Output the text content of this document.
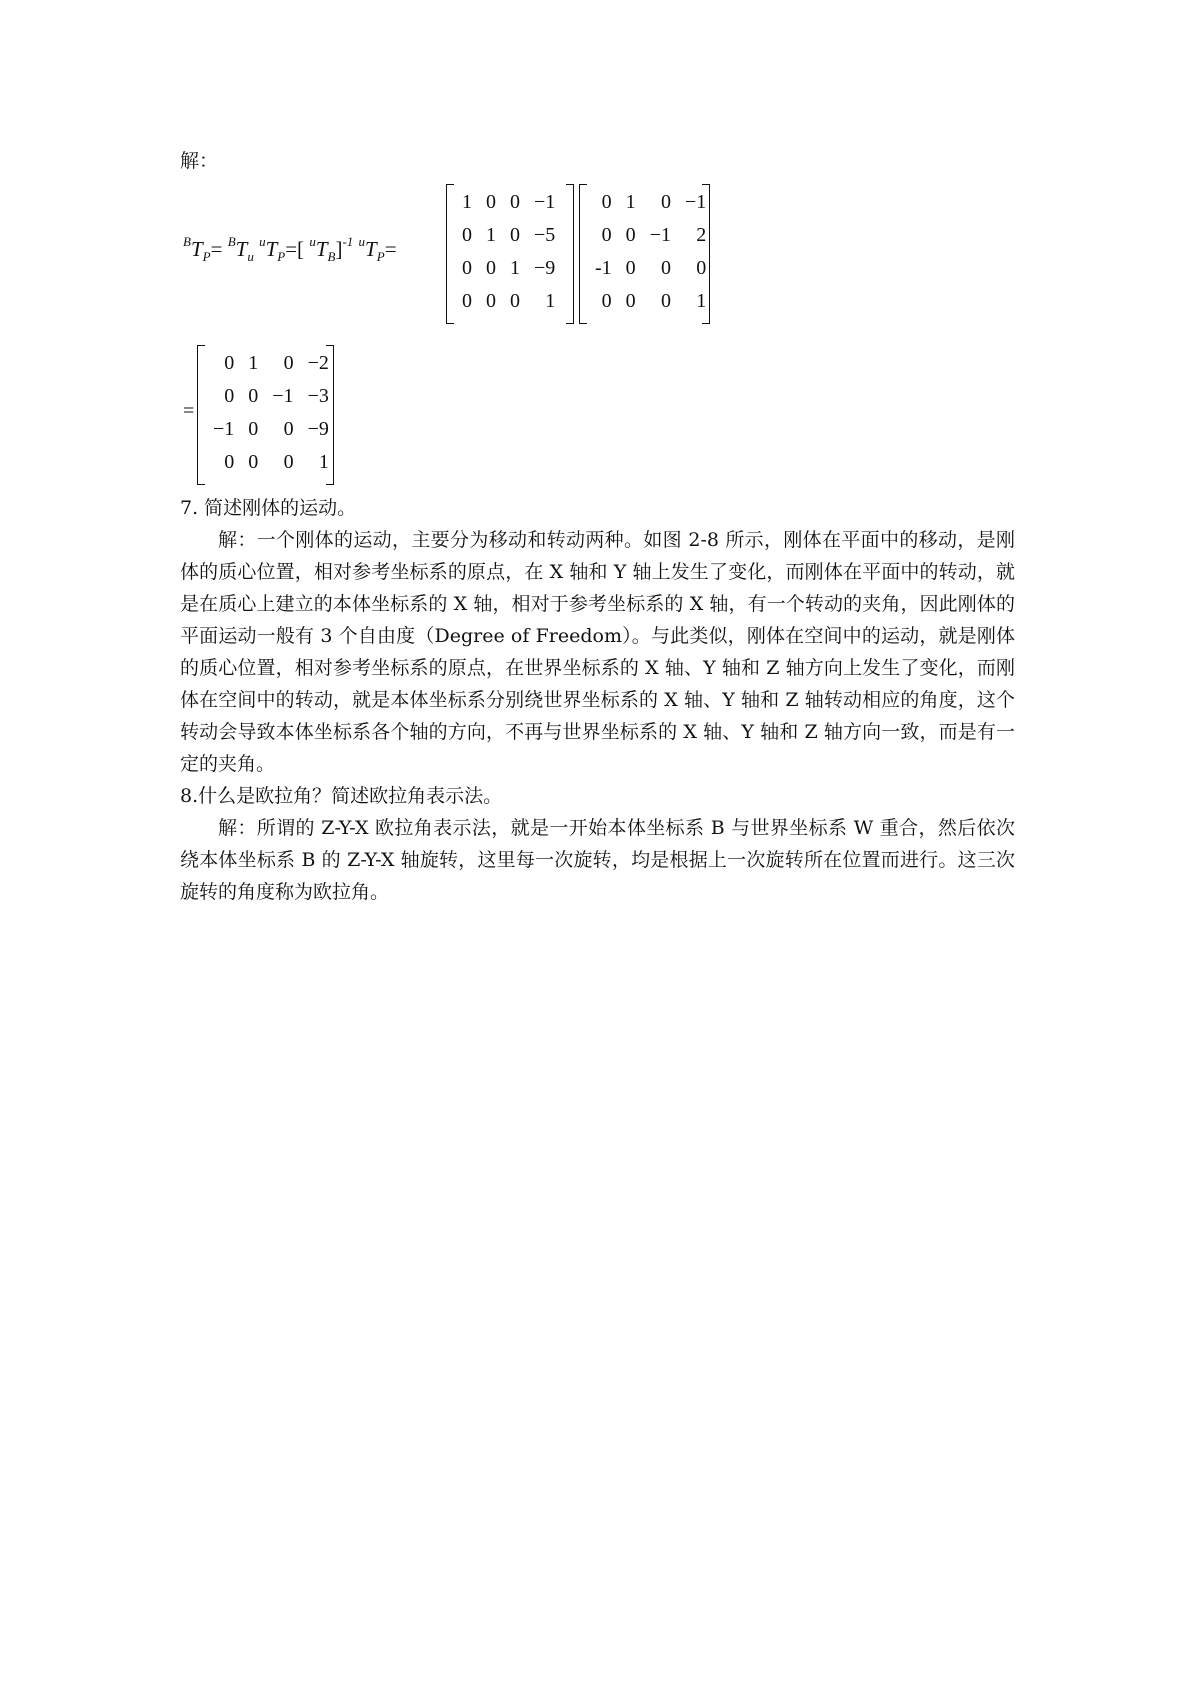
解：
$^BT_P= ^BT_u$ $^uT_P=$[ $^uT_B]^{-1}$ $^uT_P=$
1	0	0	−1
0	1	0	−5
0	0	1	−9
0	0	0	1
0	1	0	−1
0	0	−1	2
-1	0	0	0
0	0	0	1
=
0	1	0	−2
0	0	−1	−3
−1	0	0	−9
0	0	0	1
7. 简述刚体的运动。
解：一个刚体的运动，主要分为移动和转动两种。如图 2-8 所示，刚体在平面中的移动，是刚体的质心位置，相对参考坐标系的原点，在 X 轴和 Y 轴上发生了变化，而刚体在平面中的转动，就是在质心上建立的本体坐标系的 X 轴，相对于参考坐标系的 X 轴，有一个转动的夹角，因此刚体的平面运动一般有 3 个自由度（Degree of Freedom）。与此类似，刚体在空间中的运动，就是刚体的质心位置，相对参考坐标系的原点，在世界坐标系的 X 轴、Y 轴和 Z 轴方向上发生了变化，而刚体在空间中的转动，就是本体坐标系分别绕世界坐标系的 X 轴、Y 轴和 Z 轴转动相应的角度，这个转动会导致本体坐标系各个轴的方向，不再与世界坐标系的 X 轴、Y 轴和 Z 轴方向一致，而是有一定的夹角。
8.什么是欧拉角？简述欧拉角表示法。
解：所谓的 Z-Y-X 欧拉角表示法，就是一开始本体坐标系 B 与世界坐标系 W 重合，然后依次绕本体坐标系 B 的 Z-Y-X 轴旋转，这里每一次旋转，均是根据上一次旋转所在位置而进行。这三次旋转的角度称为欧拉角。
